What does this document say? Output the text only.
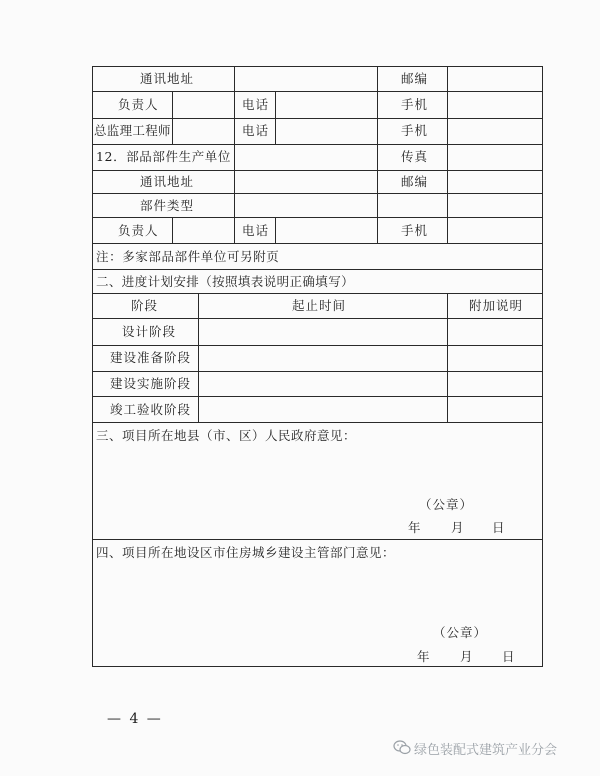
通讯地址	邮编
负责人	电话	手机
总监理工程师	电话	手机
12．部品部件生产单位	传真
通讯地址	邮编
部件类型
负责人	电话	手机
注：多家部品部件单位可另附页
二、进度计划安排（按照填表说明正确填写）
阶段	起止时间	附加说明
设计阶段
建设准备阶段
建设实施阶段
竣工验收阶段
三、项目所在地县（市、区）人民政府意见：
（公章）
年 月 日
四、项目所在地设区市住房城乡建设主管部门意见：
（公章）
年 月 日
— 4 —
绿色装配式建筑产业分会
